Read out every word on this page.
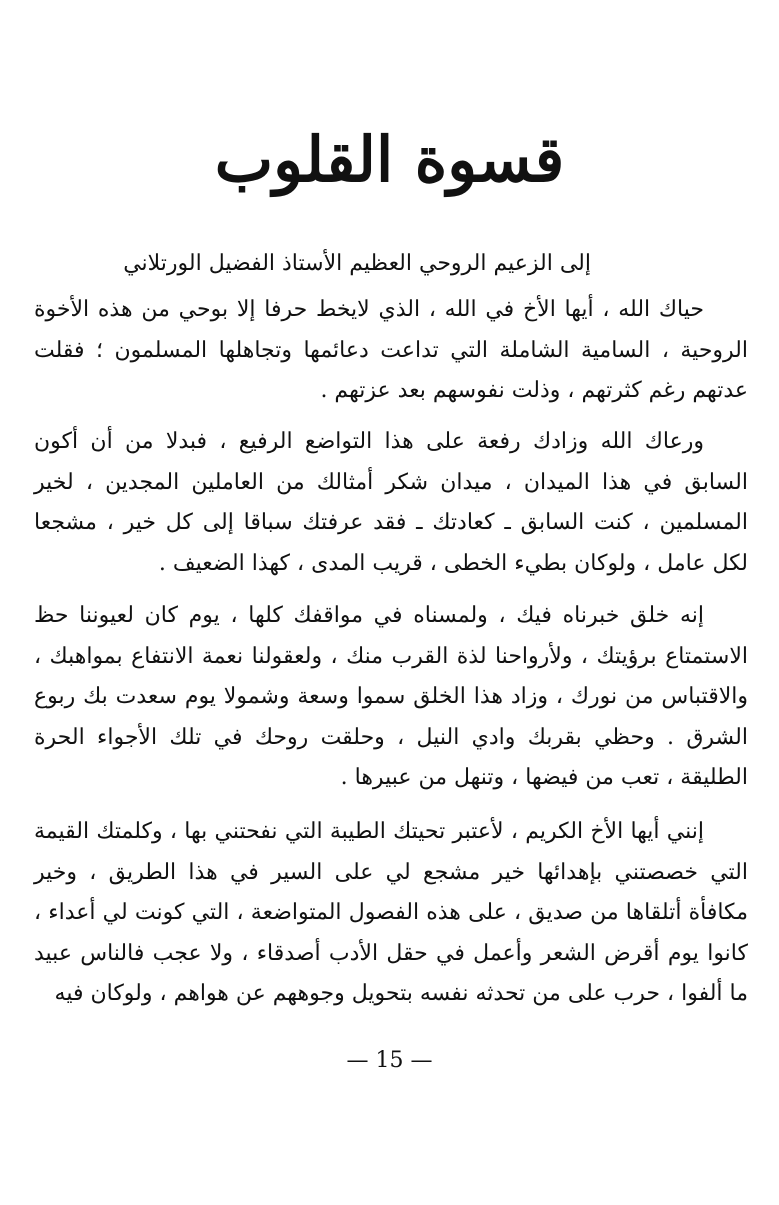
قسوة القلوب
إلى الزعيم الروحي العظيم الأستاذ الفضيل الورتلاني

حياك الله ، أيها الأخ في الله ، الذي لايخط حرفا إلا بوحي من هذه الأخوة الروحية ، السامية الشاملة التي تداعت دعائمها وتجاهلها المسلمون ؛ فقلت عدتهم رغم كثرتهم ، وذلت نفوسهم بعد عزتهم .

ورعاك الله وزادك رفعة على هذا التواضع الرفيع ، فبدلا من أن أكون السابق في هذا الميدان ، ميدان شكر أمثالك من العاملين المجدين ، لخير المسلمين ، كنت السابق ـ كعادتك ـ فقد عرفتك سباقا إلى كل خير ، مشجعا لكل عامل ، ولوكان بطيء الخطى ، قريب المدى ، كهذا الضعيف .

إنه خلق خبرناه فيك ، ولمسناه في مواقفك كلها ، يوم كان لعيوننا حظ الاستمتاع برؤيتك ، ولأرواحنا لذة القرب منك ، ولعقولنا نعمة الانتفاع بمواهبك ، والاقتباس من نورك ، وزاد هذا الخلق سموا وسعة وشمولا يوم سعدت بك ربوع الشرق . وحظي بقربك وادي النيل ، وحلقت روحك في تلك الأجواء الحرة الطليقة ، تعب من فيضها ، وتنهل من عبيرها .

إنني أيها الأخ الكريم ، لأعتبر تحيتك الطيبة التي نفحتني بها ، وكلمتك القيمة التي خصصتني بإهدائها خير مشجع لي على السير في هذا الطريق ، وخير مكافأة أتلقاها من صديق ، على هذه الفصول المتواضعة ، التي كونت لي أعداء ، كانوا يوم أقرض الشعر وأعمل في حقل الأدب أصدقاء ، ولا عجب فالناس عبيد ما ألفوا ، حرب على من تحدثه نفسه بتحويل وجوههم عن هواهم ، ولوكان فيه

— 15 —
